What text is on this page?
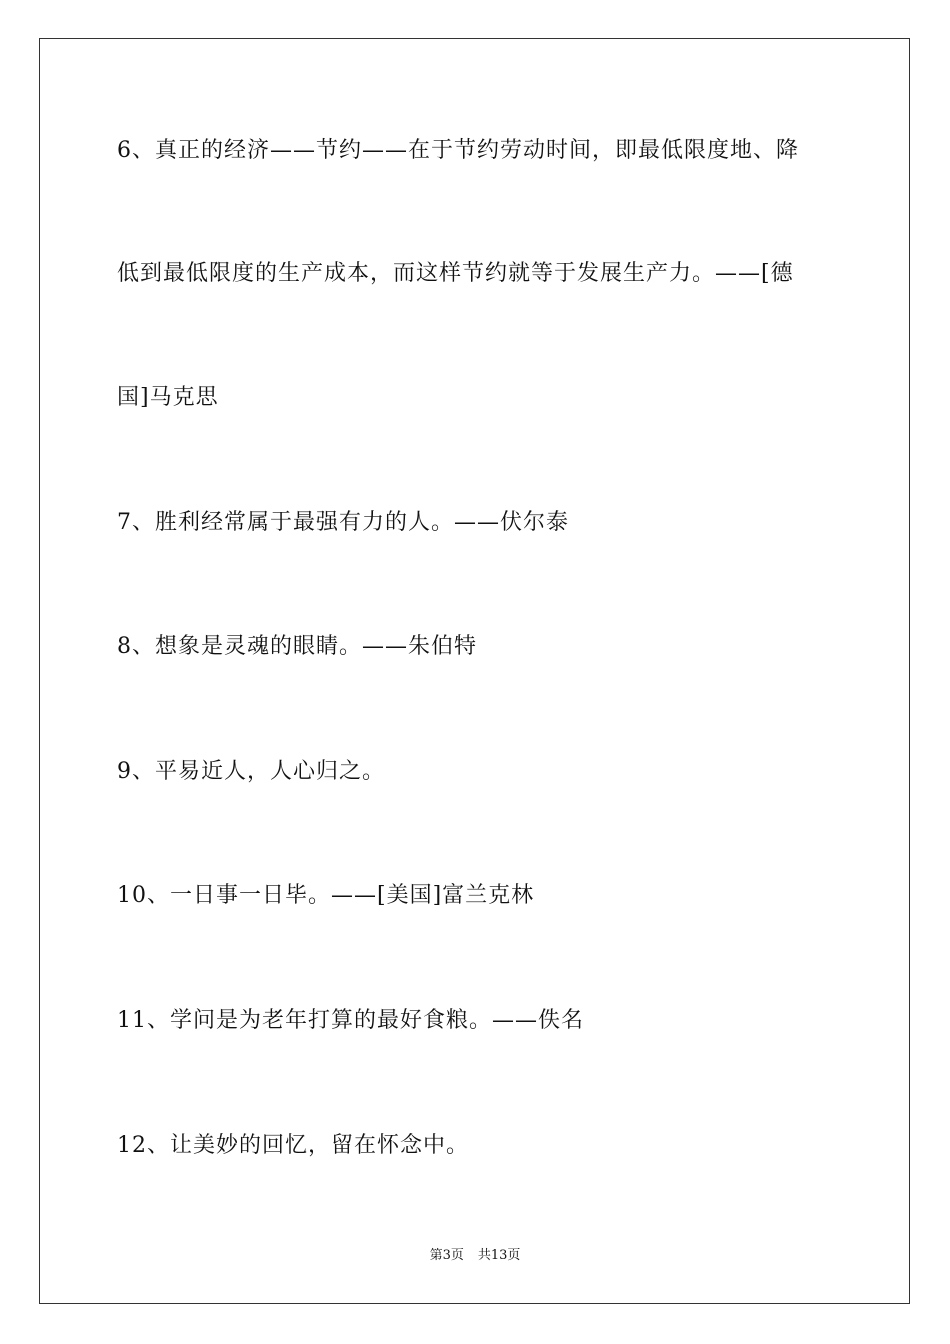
6、真正的经济——节约——在于节约劳动时间，即最低限度地、降
低到最低限度的生产成本，而这样节约就等于发展生产力。——[德
国]马克思
7、胜利经常属于最强有力的人。——伏尔泰
8、想象是灵魂的眼睛。——朱伯特
9、平易近人，人心归之。
10、一日事一日毕。——[美国]富兰克林
11、学问是为老年打算的最好食粮。——佚名
12、让美妙的回忆，留在怀念中。
第3页 共13页
